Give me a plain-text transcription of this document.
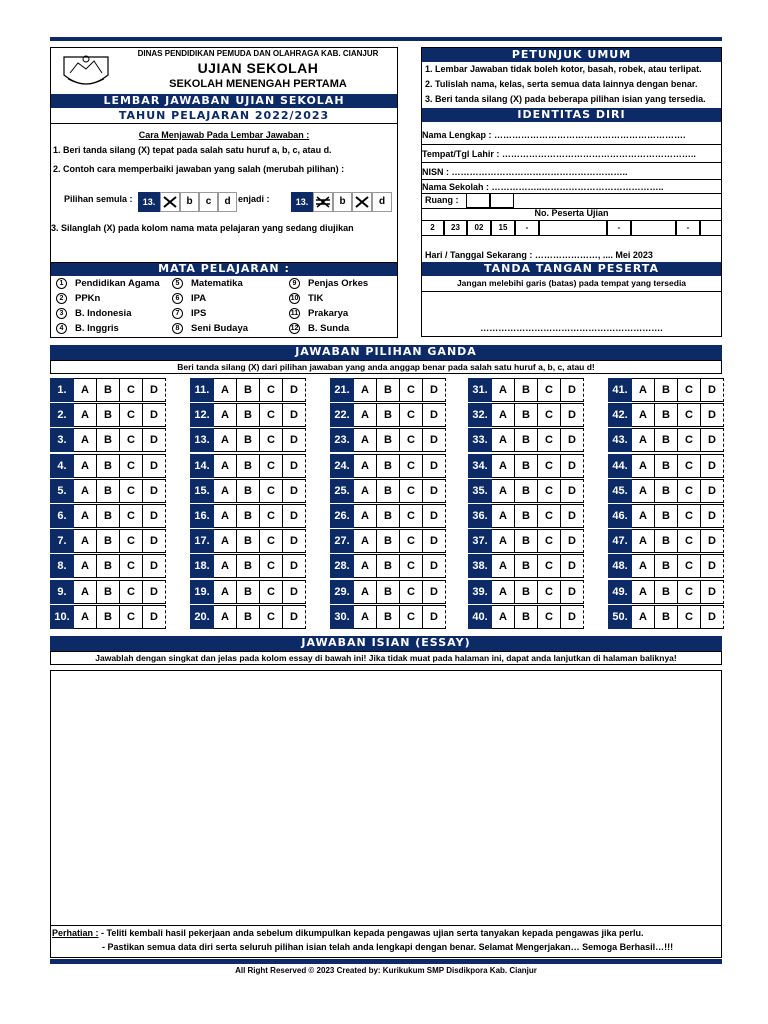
DINAS PENDIDIKAN PEMUDA DAN OLAHRAGA KAB. CIANJUR
UJIAN SEKOLAH
SEKOLAH MENENGAH PERTAMA
LEMBAR JAWABAN UJIAN SEKOLAH
TAHUN PELAJARAN 2022/2023
Cara Menjawab Pada Lembar Jawaban :
1. Beri tanda silang (X) tepat pada salah satu huruf a, b, c, atau d.
2. Contoh cara memperbaiki jawaban yang salah (merubah pilihan) :
Pilihan semula :	13.	b	c	d enjadi :	13.	b	d
3. Silanglah (X) pada kolom nama mata pelajaran yang sedang diujikan
PETUNJUK UMUM
1. Lembar Jawaban tidak boleh kotor, basah, robek, atau terlipat.
2. Tulislah nama, kelas, serta semua data lainnya dengan benar.
3. Beri tanda silang (X) pada beberapa pilihan isian yang tersedia.
IDENTITAS DIRI
Nama Lengkap : ……………………………………………………….
Tempat/Tgl Lahir : ………………………………………………………..
NISN : …………………………………………………..
Nama Sekolah : ……………..…………………………………..
Ruang :
No. Peserta Ujian
2	23	02	15	-	-	-
Hari / Tanggal Sekarang : …………………, .... Mei 2023
MATA PELAJARAN :
1 Pendidikan Agama
2 PPKn
3 B. Indonesia
4 B. Inggris
5 Matematika
6 IPA
7 IPS
8 Seni Budaya
9 Penjas Orkes
10 TIK
11 Prakarya
12 B. Sunda
TANDA TANGAN PESERTA
Jangan melebihi garis (batas) pada tempat yang tersedia
…………………………………………………….
JAWABAN PILIHAN GANDA
Beri tanda silang (X) dari pilihan jawaban yang anda anggap benar pada salah satu huruf a, b, c, atau d!
1.	A	B	C	D
2.	A	B	C	D
3.	A	B	C	D
4.	A	B	C	D
5.	A	B	C	D
6.	A	B	C	D
7.	A	B	C	D
8.	A	B	C	D
9.	A	B	C	D
10.	A	B	C	D
11.	A	B	C	D
12.	A	B	C	D
13.	A	B	C	D
14.	A	B	C	D
15.	A	B	C	D
16.	A	B	C	D
17.	A	B	C	D
18.	A	B	C	D
19.	A	B	C	D
20.	A	B	C	D
21.	A	B	C	D
22.	A	B	C	D
23.	A	B	C	D
24.	A	B	C	D
25.	A	B	C	D
26.	A	B	C	D
27.	A	B	C	D
28.	A	B	C	D
29.	A	B	C	D
30.	A	B	C	D
31.	A	B	C	D
32.	A	B	C	D
33.	A	B	C	D
34.	A	B	C	D
35.	A	B	C	D
36.	A	B	C	D
37.	A	B	C	D
38.	A	B	C	D
39.	A	B	C	D
40.	A	B	C	D
41.	A	B	C	D
42.	A	B	C	D
43.	A	B	C	D
44.	A	B	C	D
45.	A	B	C	D
46.	A	B	C	D
47.	A	B	C	D
48.	A	B	C	D
49.	A	B	C	D
50.	A	B	C	D
JAWABAN ISIAN (ESSAY)
Jawablah dengan singkat dan jelas pada kolom essay di bawah ini! Jika tidak muat pada halaman ini, dapat anda lanjutkan di halaman baliknya!
Perhatian : - Teliti kembali hasil pekerjaan anda sebelum dikumpulkan kepada pengawas ujian serta tanyakan kepada pengawas jika perlu.
- Pastikan semua data diri serta seluruh pilihan isian telah anda lengkapi dengan benar. Selamat Mengerjakan… Semoga Berhasil…!!!
All Right Reserved © 2023 Created by: Kurikukum SMP Disdikpora Kab. Cianjur
